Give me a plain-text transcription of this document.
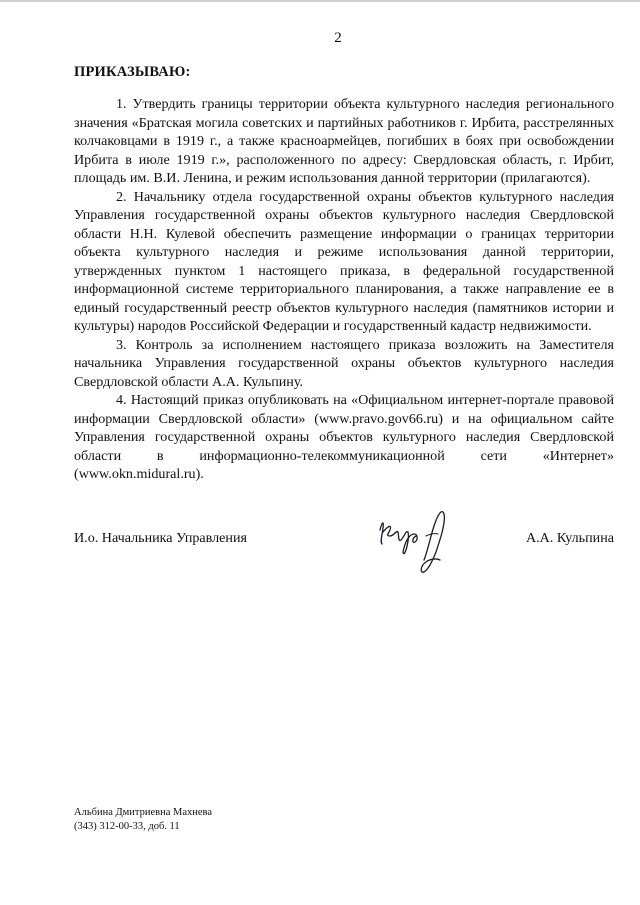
2
ПРИКАЗЫВАЮ:

1. Утвердить границы территории объекта культурного наследия регионального значения «Братская могила советских и партийных работников г. Ирбита, расстрелянных колчаковцами в 1919 г., а также красноармейцев, погибших в боях при освобождении Ирбита в июле 1919 г.», расположенного по адресу: Свердловская область, г. Ирбит, площадь им. В.И. Ленина, и режим использования данной территории (прилагаются).

2. Начальнику отдела государственной охраны объектов культурного наследия Управления государственной охраны объектов культурного наследия Свердловской области Н.Н. Кулевой обеспечить размещение информации о границах территории объекта культурного наследия и режиме использования данной территории, утвержденных пунктом 1 настоящего приказа, в федеральной государственной информационной системе территориального планирования, а также направление ее в единый государственный реестр объектов культурного наследия (памятников истории и культуры) народов Российской Федерации и государственный кадастр недвижимости.

3. Контроль за исполнением настоящего приказа возложить на Заместителя начальника Управления государственной охраны объектов культурного наследия Свердловской области А.А. Кульпину.

4. Настоящий приказ опубликовать на «Официальном интернет-портале правовой информации Свердловской области» (www.pravo.gov66.ru) и на официальном сайте Управления государственной охраны объектов культурного наследия Свердловской области в информационно-телекоммуникационной сети «Интернет» (www.okn.midural.ru).

И.о. Начальника Управления	А.А. Кульпина
Альбина Дмитриевна Махнева
(343) 312-00-33, доб. 11
